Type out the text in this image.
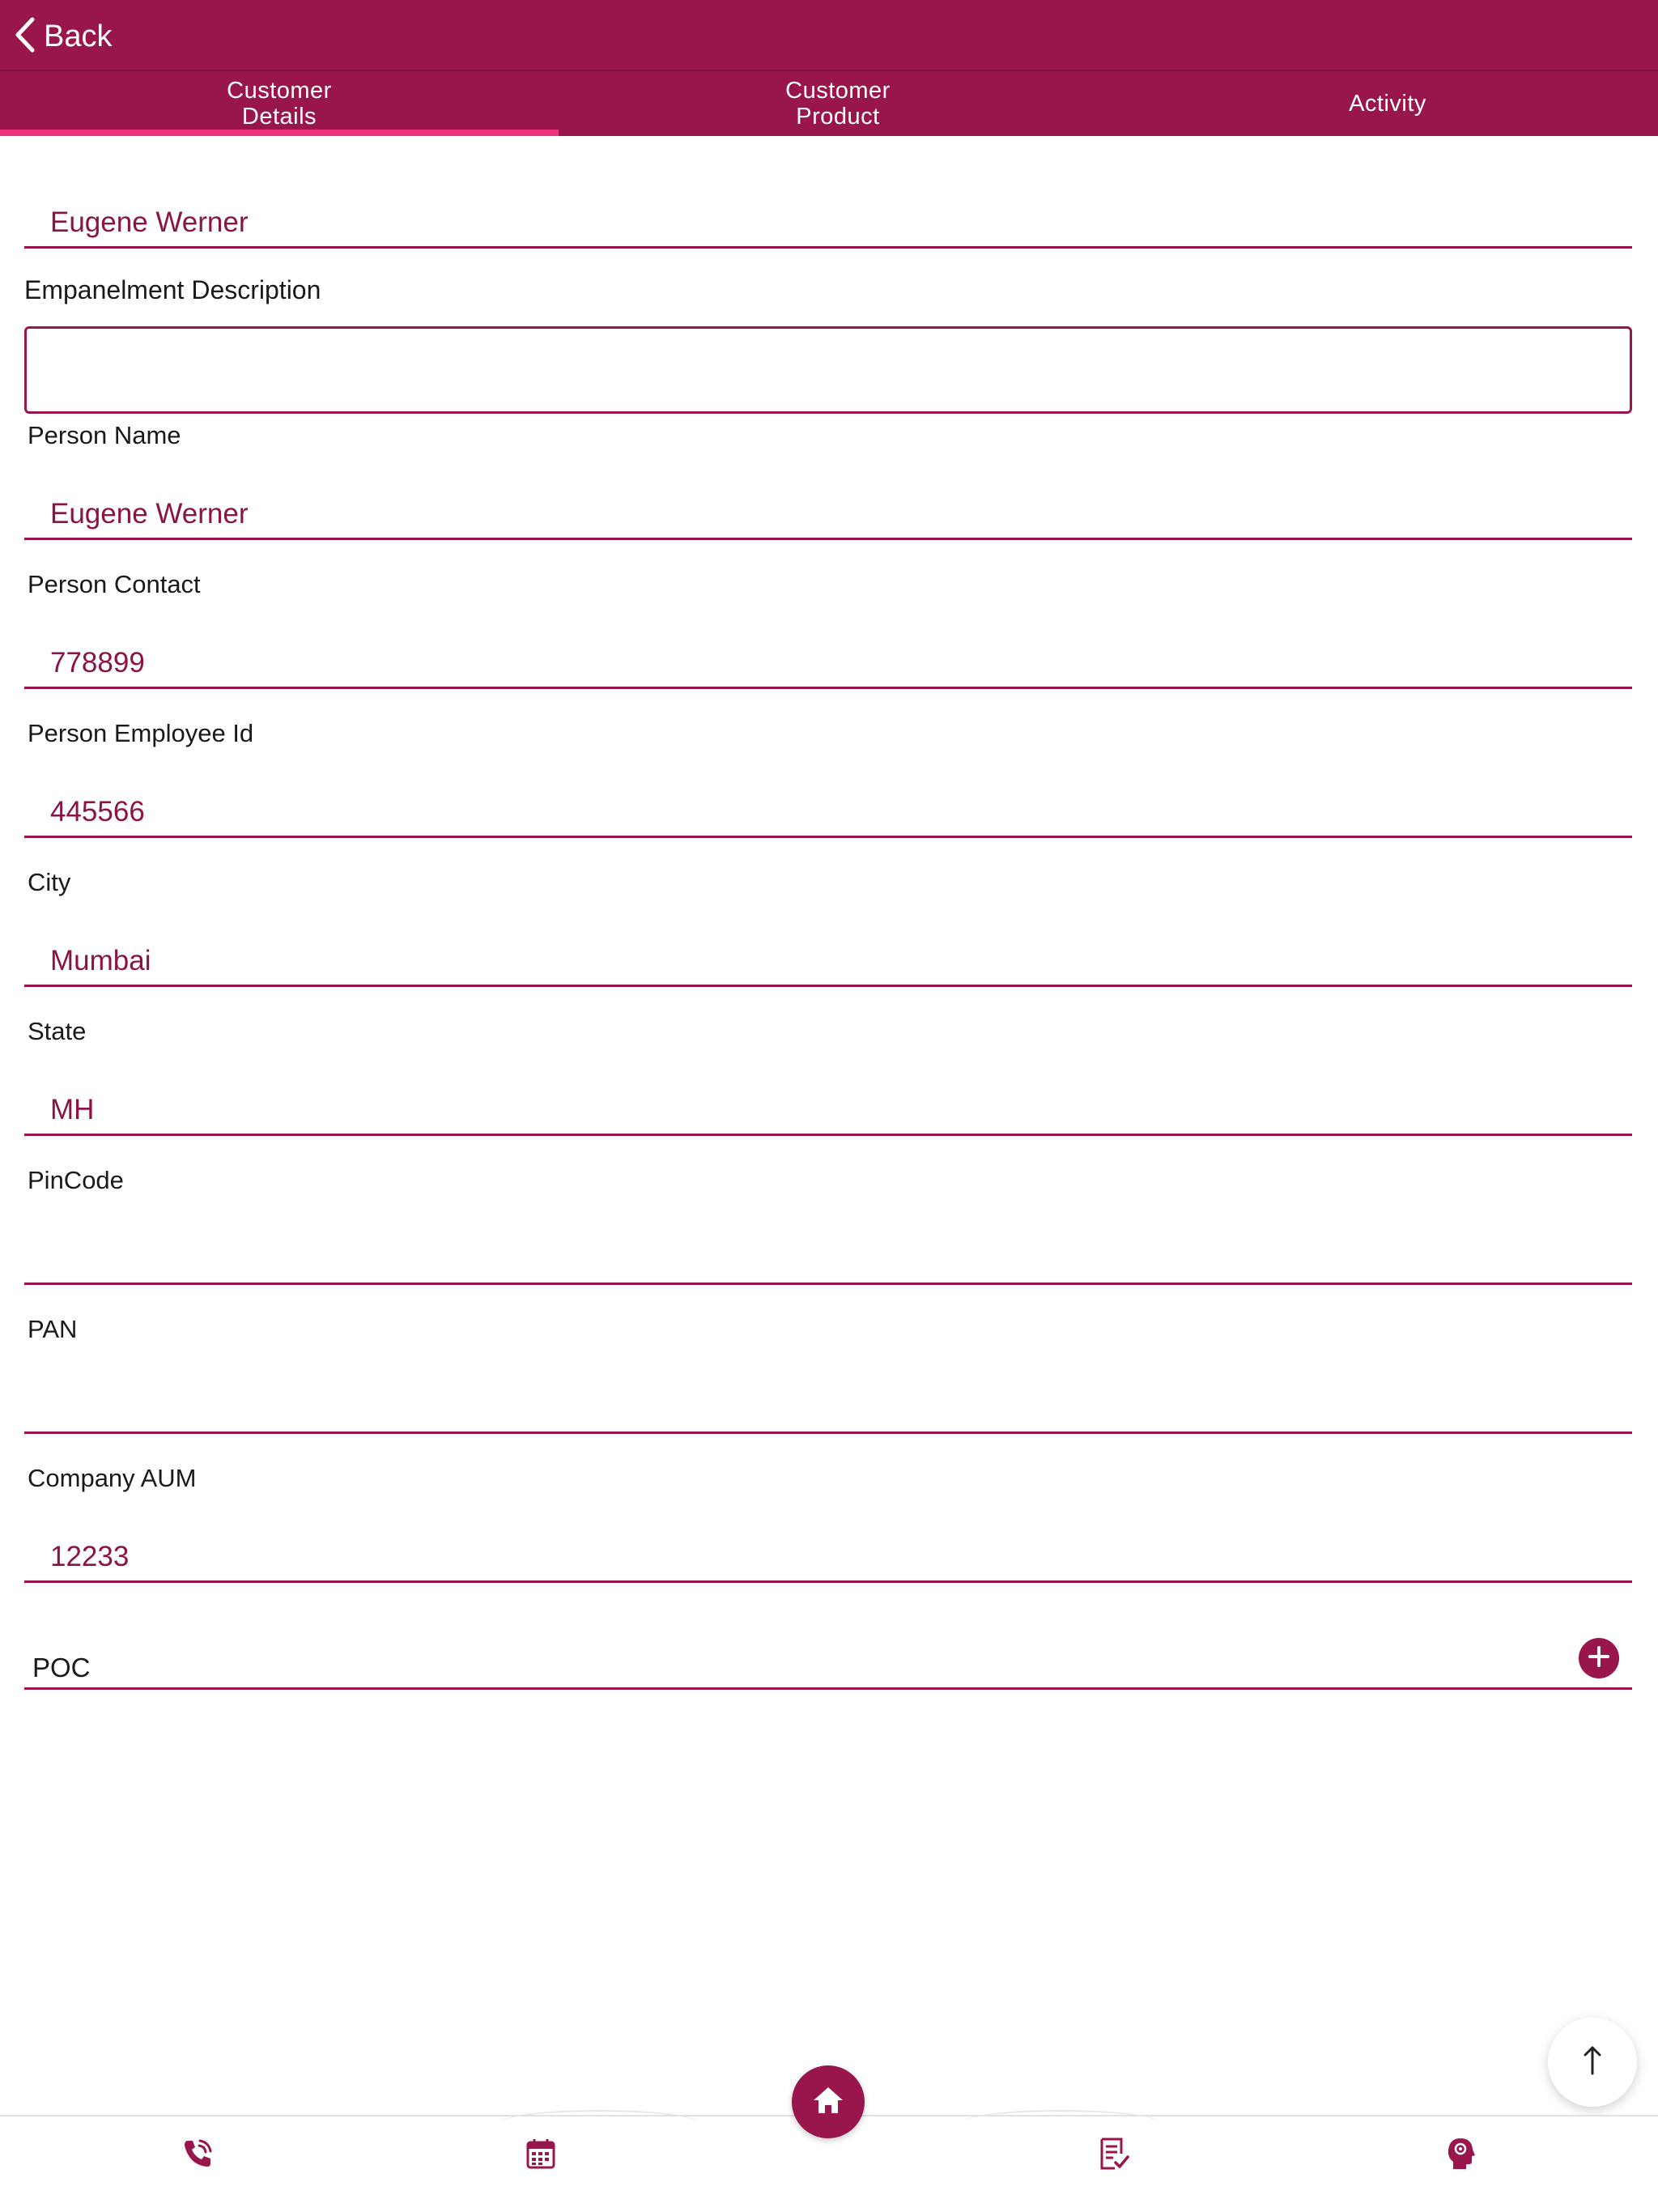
Back
Customer
Details
Customer
Product	Activity
Eugene Werner
Empanelment Description
Person Name
Eugene Werner
Person Contact
778899
Person Employee Id
445566
City
Mumbai
State
MH
PinCode
PAN
Company AUM
12233
POC
